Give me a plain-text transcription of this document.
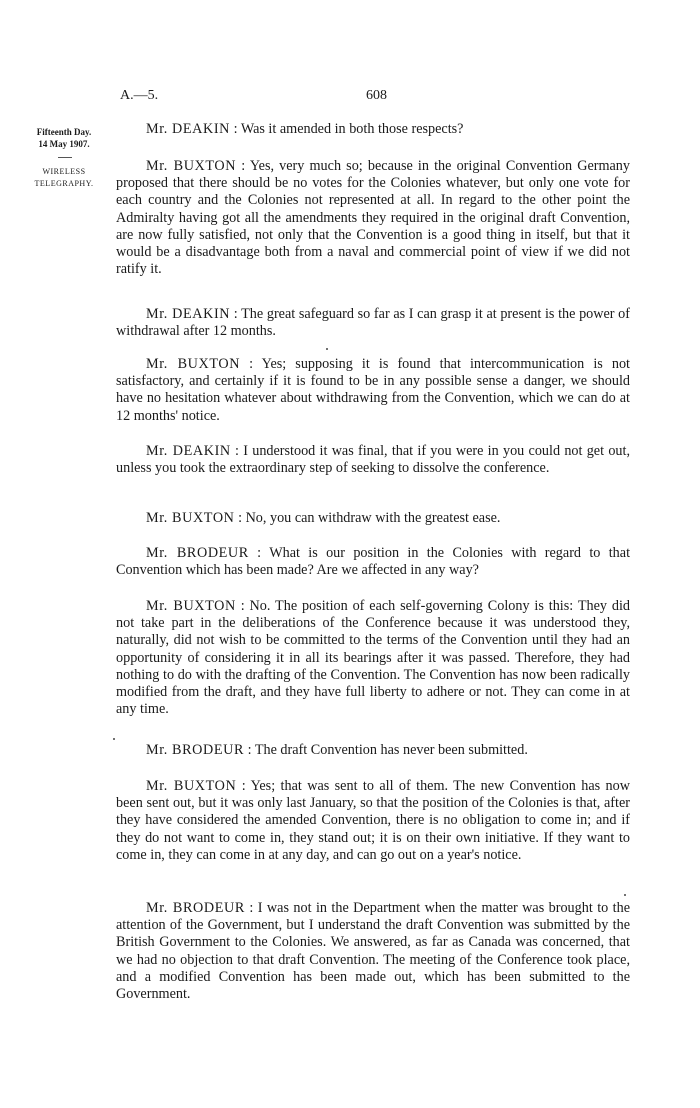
A.—5.	608
Fifteenth Day.
14 May 1907.
WIRELESS
TELEGRAPHY.

Mr. DEAKIN : Was it amended in both those respects?

Mr. BUXTON : Yes, very much so; because in the original Convention Germany proposed that there should be no votes for the Colonies whatever, but only one vote for each country and the Colonies not represented at all. In regard to the other point the Admiralty having got all the amendments they required in the original draft Convention, are now fully satisfied, not only that the Convention is a good thing in itself, but that it would be a disadvantage both from a naval and commercial point of view if we did not ratify it.

Mr. DEAKIN : The great safeguard so far as I can grasp it at present is the power of withdrawal after 12 months.

Mr. BUXTON : Yes; supposing it is found that intercommunication is not satisfactory, and certainly if it is found to be in any possible sense a danger, we should have no hesitation whatever about withdrawing from the Convention, which we can do at 12 months' notice.

Mr. DEAKIN : I understood it was final, that if you were in you could not get out, unless you took the extraordinary step of seeking to dissolve the conference.

Mr. BUXTON : No, you can withdraw with the greatest ease.

Mr. BRODEUR : What is our position in the Colonies with regard to that Convention which has been made? Are we affected in any way?

Mr. BUXTON : No. The position of each self-governing Colony is this: They did not take part in the deliberations of the Conference because it was understood they, naturally, did not wish to be committed to the terms of the Convention until they had an opportunity of considering it in all its bearings after it was passed. Therefore, they had nothing to do with the drafting of the Convention. The Convention has now been radically modified from the draft, and they have full liberty to adhere or not. They can come in at any time.

Mr. BRODEUR : The draft Convention has never been submitted.

Mr. BUXTON : Yes; that was sent to all of them. The new Convention has now been sent out, but it was only last January, so that the position of the Colonies is that, after they have considered the amended Convention, there is no obligation to come in; and if they do not want to come in, they stand out; it is on their own initiative. If they want to come in, they can come in at any day, and can go out on a year's notice.

Mr. BRODEUR : I was not in the Department when the matter was brought to the attention of the Government, but I understand the draft Convention was submitted by the British Government to the Colonies. We answered, as far as Canada was concerned, that we had no objection to that draft Convention. The meeting of the Conference took place, and a modified Convention has been made out, which has been submitted to the Government.
